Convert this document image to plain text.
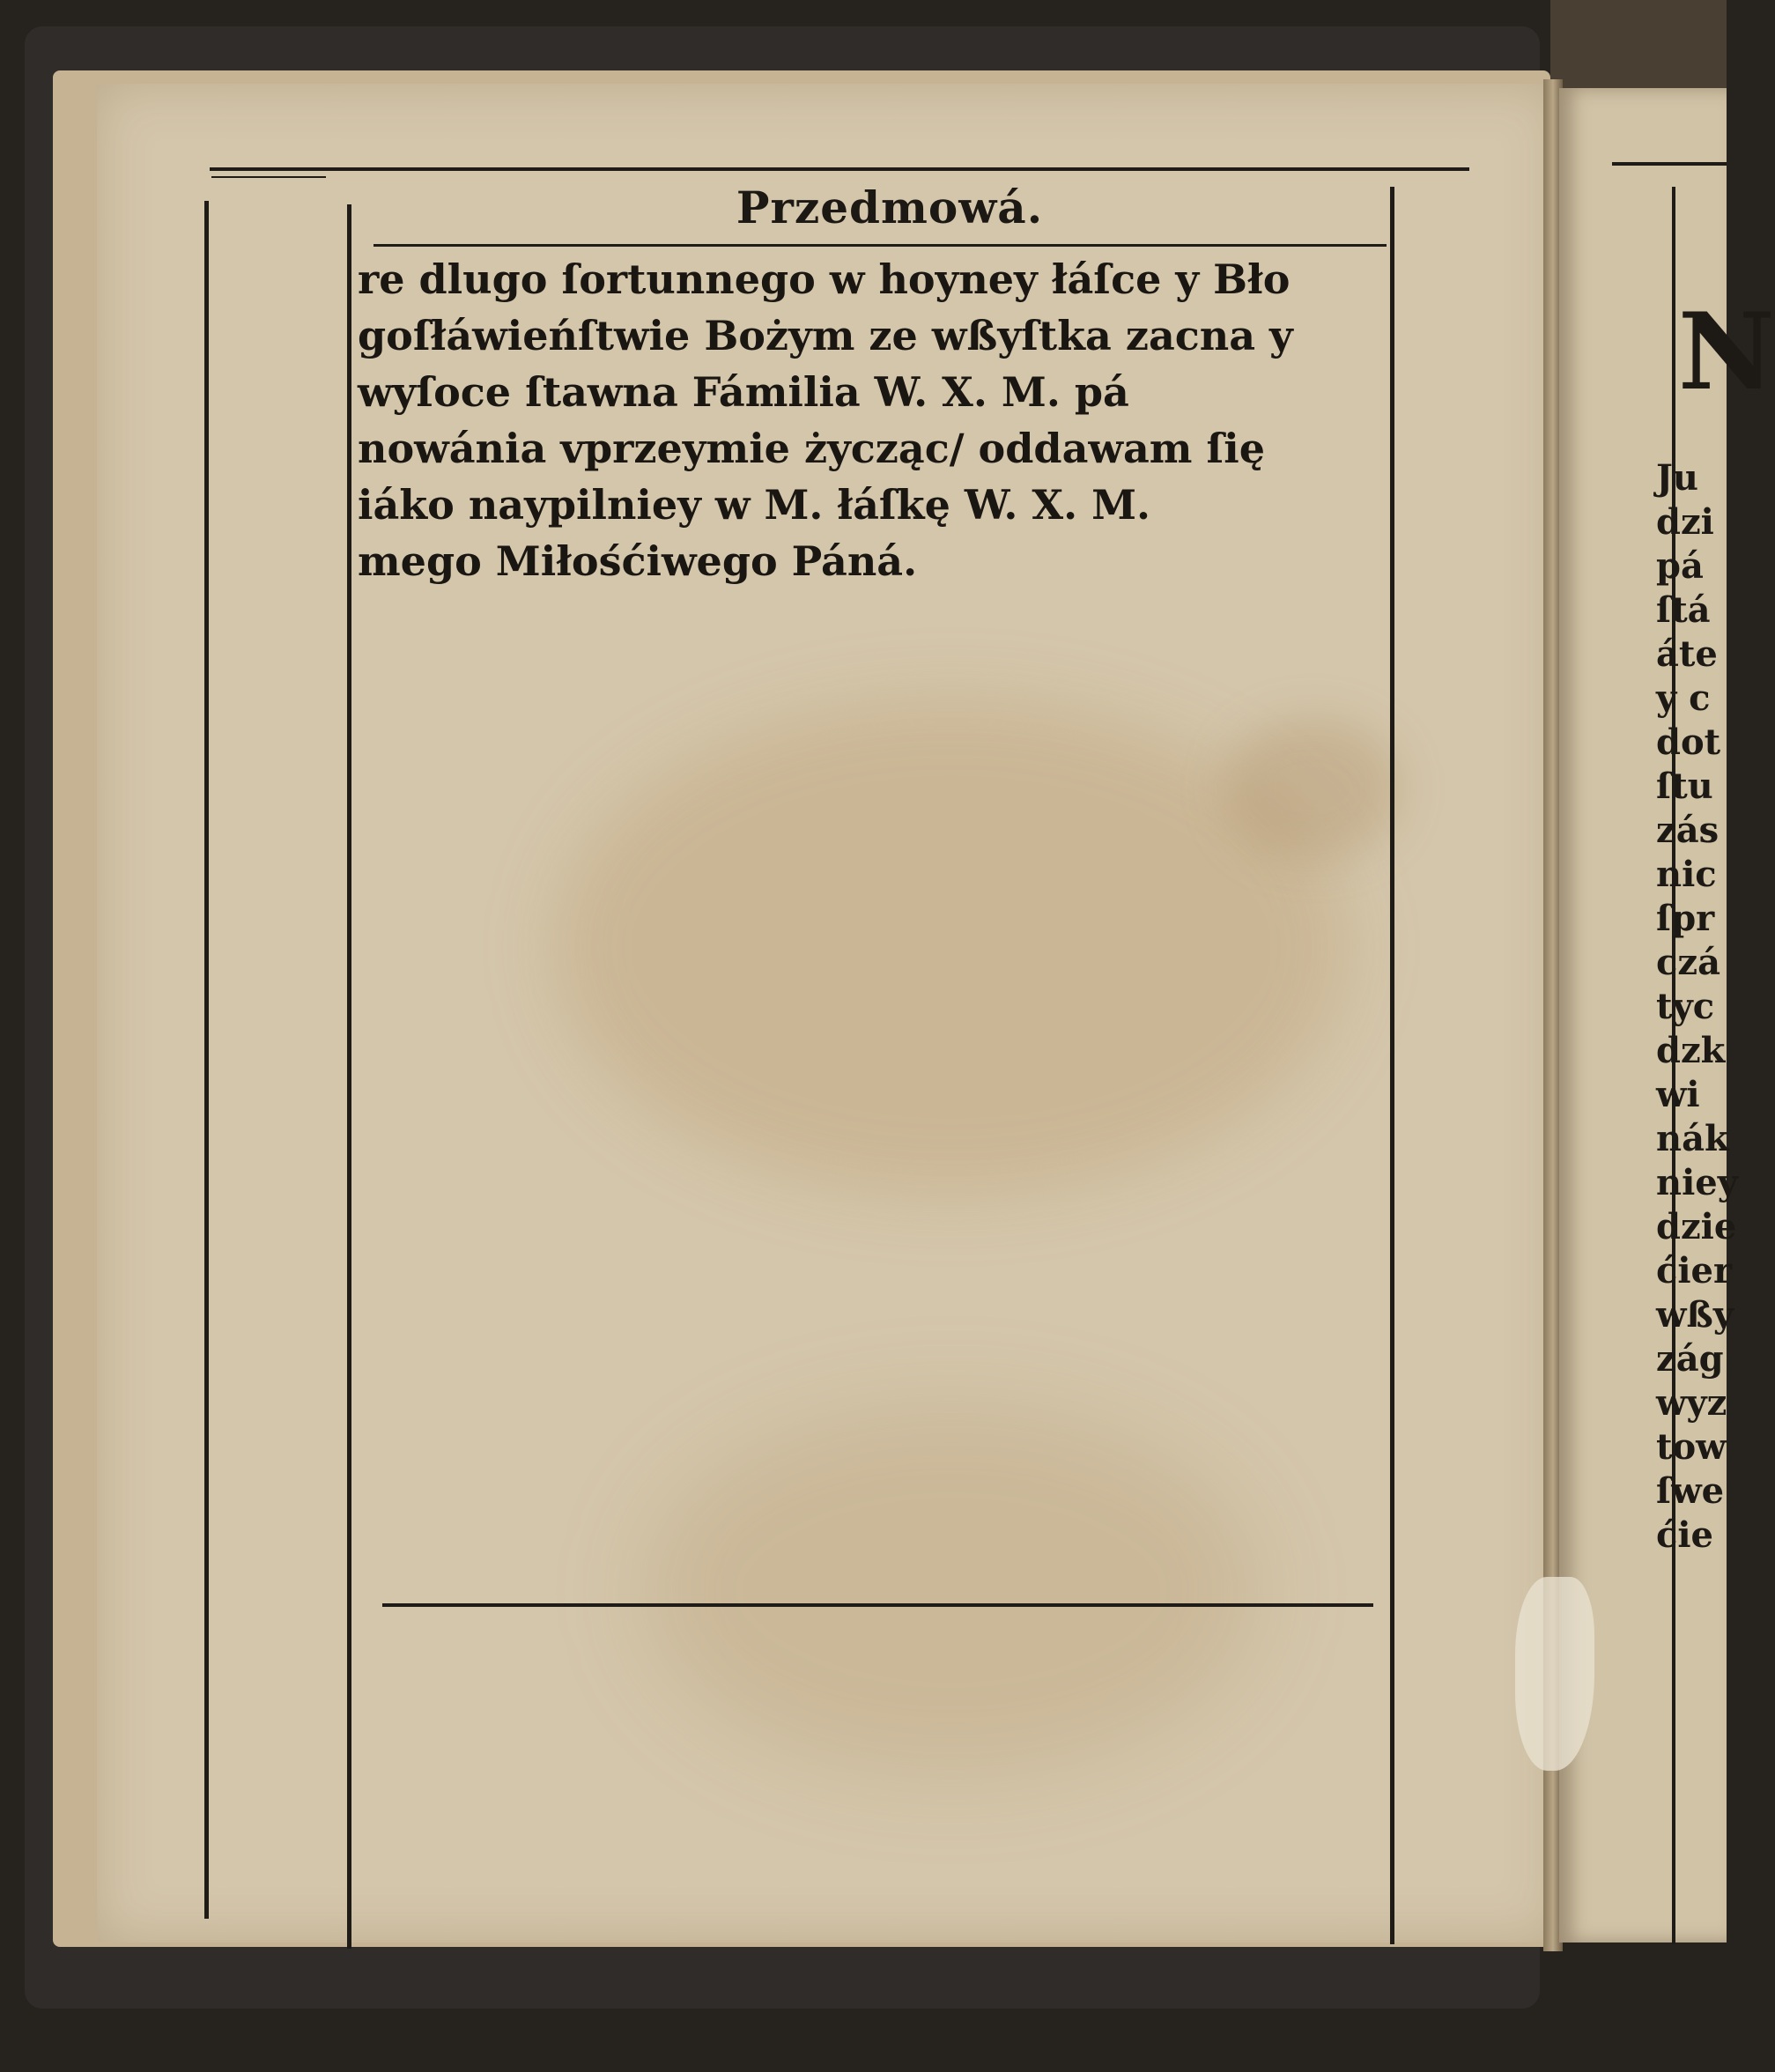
Przedmowá.
re dlugo ſortunnego w hoyney łáſce y Bło
goſłáwieńſtwie Bożym ze wßyſtka zacna y
wyſoce ſtawna Fámilia W. X. M. pá
nowánia vprzeymie życząc/ oddawam ſię
iáko naypilniey w M. łáſkę W. X. M.
mego Miłośćiwego Páná.
N
Ju
dzi
pá
ſtá
áte
y c
dot
ſtu
zás
nic
ſpr
czá
tyc
dzk
wi
nák
niey
dzie
ćier
wßy
zág
wyz
tow
ſwe
ćie
